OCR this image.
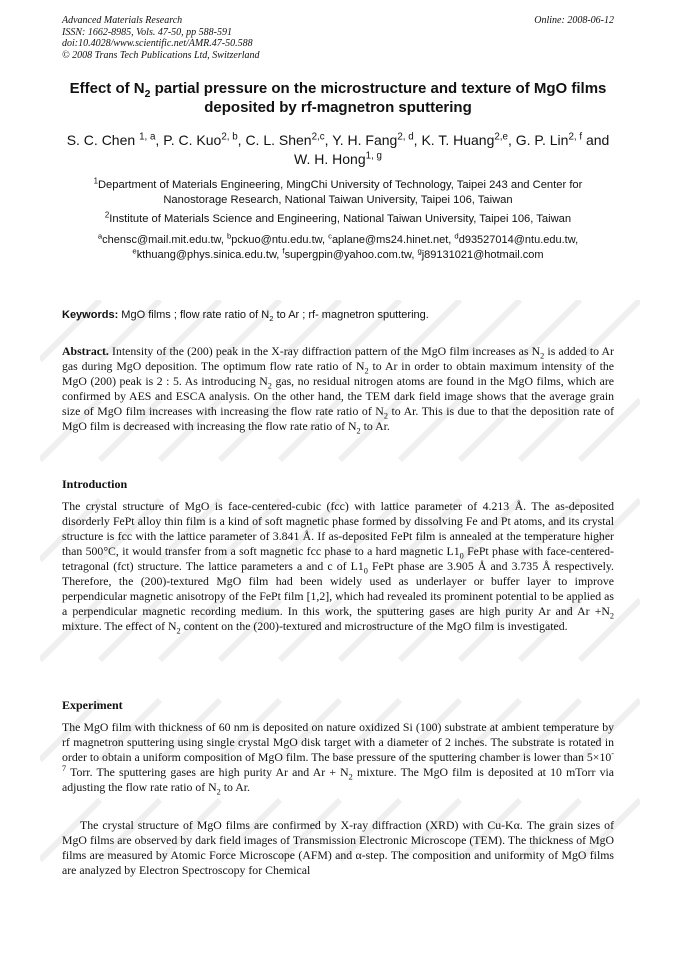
Advanced Materials Research
ISSN: 1662-8985, Vols. 47-50, pp 588-591
doi:10.4028/www.scientific.net/AMR.47-50.588
© 2008 Trans Tech Publications Ltd, Switzerland
Online: 2008-06-12
Effect of $N_2$ partial pressure on the microstructure and texture of MgO films deposited by rf-magnetron sputtering
S. C. Chen $^{1, a}$, P. C. Kuo$^{2, b}$, C. L. Shen$^{2,c}$, Y. H. Fang$^{2, d}$, K. T. Huang$^{2,e}$, G. P. Lin$^{2, f}$ and W. H. Hong$^{1, g}$
$^1$Department of Materials Engineering, MingChi University of Technology, Taipei 243 and Center for Nanostorage Research, National Taiwan University, Taipei 106, Taiwan
$^2$Institute of Materials Science and Engineering, National Taiwan University, Taipei 106, Taiwan
$^a$chensc@mail.mit.edu.tw, $^b$pckuo@ntu.edu.tw, $^c$aplane@ms24.hinet.net, $^d$d93527014@ntu.edu.tw, $^e$kthuang@phys.sinica.edu.tw, $^f$supergpin@yahoo.com.tw, $^g$j89131021@hotmail.com
Keywords: MgO films ; flow rate ratio of $N_2$ to Ar ; rf- magnetron sputtering.
Abstract. Intensity of the (200) peak in the X-ray diffraction pattern of the MgO film increases as $N_2$ is added to Ar gas during MgO deposition. The optimum flow rate ratio of $N_2$ to Ar in order to obtain maximum intensity of the MgO (200) peak is 2 : 5. As introducing $N_2$ gas, no residual nitrogen atoms are found in the MgO films, which are confirmed by AES and ESCA analysis. On the other hand, the TEM dark field image shows that the average grain size of MgO film increases with increasing the flow rate ratio of $N_2$ to Ar. This is due to that the deposition rate of MgO film is decreased with increasing the flow rate ratio of $N_2$ to Ar.
Introduction
The crystal structure of MgO is face-centered-cubic (fcc) with lattice parameter of 4.213 Å. The as-deposited disorderly FePt alloy thin film is a kind of soft magnetic phase formed by dissolving Fe and Pt atoms, and its crystal structure is fcc with the lattice parameter of 3.841 Å. If as-deposited FePt film is annealed at the temperature higher than 500°C, it would transfer from a soft magnetic fcc phase to a hard magnetic $L1_0$ FePt phase with face-centered-tetragonal (fct) structure. The lattice parameters a and c of $L1_0$ FePt phase are 3.905 Å and 3.735 Å respectively. Therefore, the (200)-textured MgO film had been widely used as underlayer or buffer layer to improve perpendicular magnetic anisotropy of the FePt film [1,2], which had revealed its prominent potential to be applied as a perpendicular magnetic recording medium. In this work, the sputtering gases are high purity Ar and $Ar +N_2$ mixture. The effect of $N_2$ content on the (200)-textured and microstructure of the MgO film is investigated.
Experiment
The MgO film with thickness of 60 nm is deposited on nature oxidized Si (100) substrate at ambient temperature by rf magnetron sputtering using single crystal MgO disk target with a diameter of 2 inches. The substrate is rotated in order to obtain a uniform composition of MgO film. The base pressure of the sputtering chamber is lower than $5\times 10^{-7}$ Torr. The sputtering gases are high purity Ar and $Ar + N_2$ mixture. The MgO film is deposited at 10 mTorr via adjusting the flow rate ratio of $N_2$ to Ar.
The crystal structure of MgO films are confirmed by X-ray diffraction (XRD) with Cu-Kα. The grain sizes of MgO films are observed by dark field images of Transmission Electronic Microscope (TEM). The thickness of MgO films are measured by Atomic Force Microscope (AFM) and α-step. The composition and uniformity of MgO films are analyzed by Electron Spectroscopy for Chemical
